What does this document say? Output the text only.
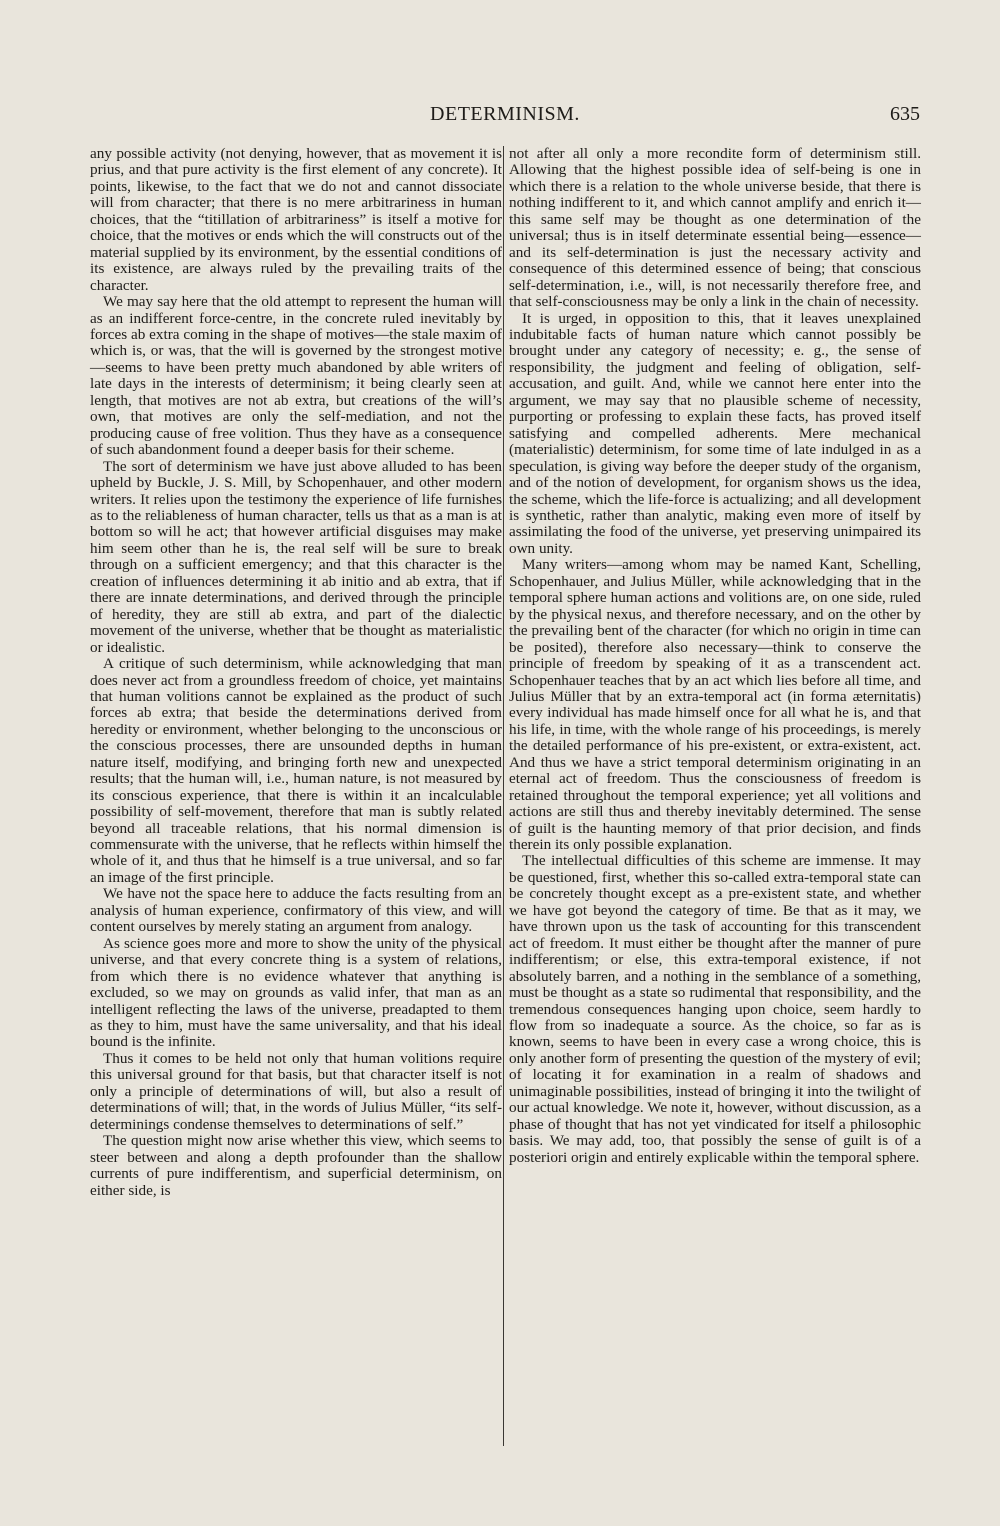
DETERMINISM.	635

any possible activity (not denying, however, that as movement it is prius, and that pure activity is the first element of any concrete). It points, likewise, to the fact that we do not and cannot dissociate will from character; that there is no mere arbitrariness in human choices, that the “titillation of arbitrariness” is itself a motive for choice, that the motives or ends which the will constructs out of the material supplied by its environment, by the essential conditions of its existence, are always ruled by the prevailing traits of the character.

We may say here that the old attempt to represent the human will as an indifferent force-centre, in the concrete ruled inevitably by forces ab extra coming in the shape of motives—the stale maxim of which is, or was, that the will is governed by the strongest motive—seems to have been pretty much abandoned by able writers of late days in the interests of determinism; it being clearly seen at length, that motives are not ab extra, but creations of the will’s own, that motives are only the self-mediation, and not the producing cause of free volition. Thus they have as a consequence of such abandonment found a deeper basis for their scheme.

The sort of determinism we have just above alluded to has been upheld by Buckle, J. S. Mill, by Schopenhauer, and other modern writers. It relies upon the testimony the experience of life furnishes as to the reliableness of human character, tells us that as a man is at bottom so will he act; that however artificial disguises may make him seem other than he is, the real self will be sure to break through on a sufficient emergency; and that this character is the creation of influences determining it ab initio and ab extra, that if there are innate determinations, and derived through the principle of heredity, they are still ab extra, and part of the dialectic movement of the universe, whether that be thought as materialistic or idealistic.

A critique of such determinism, while acknowledging that man does never act from a groundless freedom of choice, yet maintains that human volitions cannot be explained as the product of such forces ab extra; that beside the determinations derived from heredity or environment, whether belonging to the unconscious or the conscious processes, there are unsounded depths in human nature itself, modifying, and bringing forth new and unexpected results; that the human will, i.e., human nature, is not measured by its conscious experience, that there is within it an incalculable possibility of self-movement, therefore that man is subtly related beyond all traceable relations, that his normal dimension is commensurate with the universe, that he reflects within himself the whole of it, and thus that he himself is a true universal, and so far an image of the first principle.

We have not the space here to adduce the facts resulting from an analysis of human experience, confirmatory of this view, and will content ourselves by merely stating an argument from analogy.

As science goes more and more to show the unity of the physical universe, and that every concrete thing is a system of relations, from which there is no evidence whatever that anything is excluded, so we may on grounds as valid infer, that man as an intelligent reflecting the laws of the universe, preadapted to them as they to him, must have the same universality, and that his ideal bound is the infinite.

Thus it comes to be held not only that human volitions require this universal ground for that basis, but that character itself is not only a principle of determinations of will, but also a result of determinations of will; that, in the words of Julius Müller, “its self-determinings condense themselves to determinations of self.”

The question might now arise whether this view, which seems to steer between and along a depth profounder than the shallow currents of pure indifferentism, and superficial determinism, on either side, is

not after all only a more recondite form of determinism still. Allowing that the highest possible idea of self-being is one in which there is a relation to the whole universe beside, that there is nothing indifferent to it, and which cannot amplify and enrich it—this same self may be thought as one determination of the universal; thus is in itself determinate essential being—essence—and its self-determination is just the necessary activity and consequence of this determined essence of being; that conscious self-determination, i.e., will, is not necessarily therefore free, and that self-consciousness may be only a link in the chain of necessity.

It is urged, in opposition to this, that it leaves unexplained indubitable facts of human nature which cannot possibly be brought under any category of necessity; e. g., the sense of responsibility, the judgment and feeling of obligation, self-accusation, and guilt. And, while we cannot here enter into the argument, we may say that no plausible scheme of necessity, purporting or professing to explain these facts, has proved itself satisfying and compelled adherents. Mere mechanical (materialistic) determinism, for some time of late indulged in as a speculation, is giving way before the deeper study of the organism, and of the notion of development, for organism shows us the idea, the scheme, which the life-force is actualizing; and all development is synthetic, rather than analytic, making even more of itself by assimilating the food of the universe, yet preserving unimpaired its own unity.

Many writers—among whom may be named Kant, Schelling, Schopenhauer, and Julius Müller, while acknowledging that in the temporal sphere human actions and volitions are, on one side, ruled by the physical nexus, and therefore necessary, and on the other by the prevailing bent of the character (for which no origin in time can be posited), therefore also necessary—think to conserve the principle of freedom by speaking of it as a transcendent act. Schopenhauer teaches that by an act which lies before all time, and Julius Müller that by an extra-temporal act (in forma æternitatis) every individual has made himself once for all what he is, and that his life, in time, with the whole range of his proceedings, is merely the detailed performance of his pre-existent, or extra-existent, act. And thus we have a strict temporal determinism originating in an eternal act of freedom. Thus the consciousness of freedom is retained throughout the temporal experience; yet all volitions and actions are still thus and thereby inevitably determined. The sense of guilt is the haunting memory of that prior decision, and finds therein its only possible explanation.

The intellectual difficulties of this scheme are immense. It may be questioned, first, whether this so-called extra-temporal state can be concretely thought except as a pre-existent state, and whether we have got beyond the category of time. Be that as it may, we have thrown upon us the task of accounting for this transcendent act of freedom. It must either be thought after the manner of pure indifferentism; or else, this extra-temporal existence, if not absolutely barren, and a nothing in the semblance of a something, must be thought as a state so rudimental that responsibility, and the tremendous consequences hanging upon choice, seem hardly to flow from so inadequate a source. As the choice, so far as is known, seems to have been in every case a wrong choice, this is only another form of presenting the question of the mystery of evil; of locating it for examination in a realm of shadows and unimaginable possibilities, instead of bringing it into the twilight of our actual knowledge. We note it, however, without discussion, as a phase of thought that has not yet vindicated for itself a philosophic basis. We may add, too, that possibly the sense of guilt is of a posteriori origin and entirely explicable within the temporal sphere.
